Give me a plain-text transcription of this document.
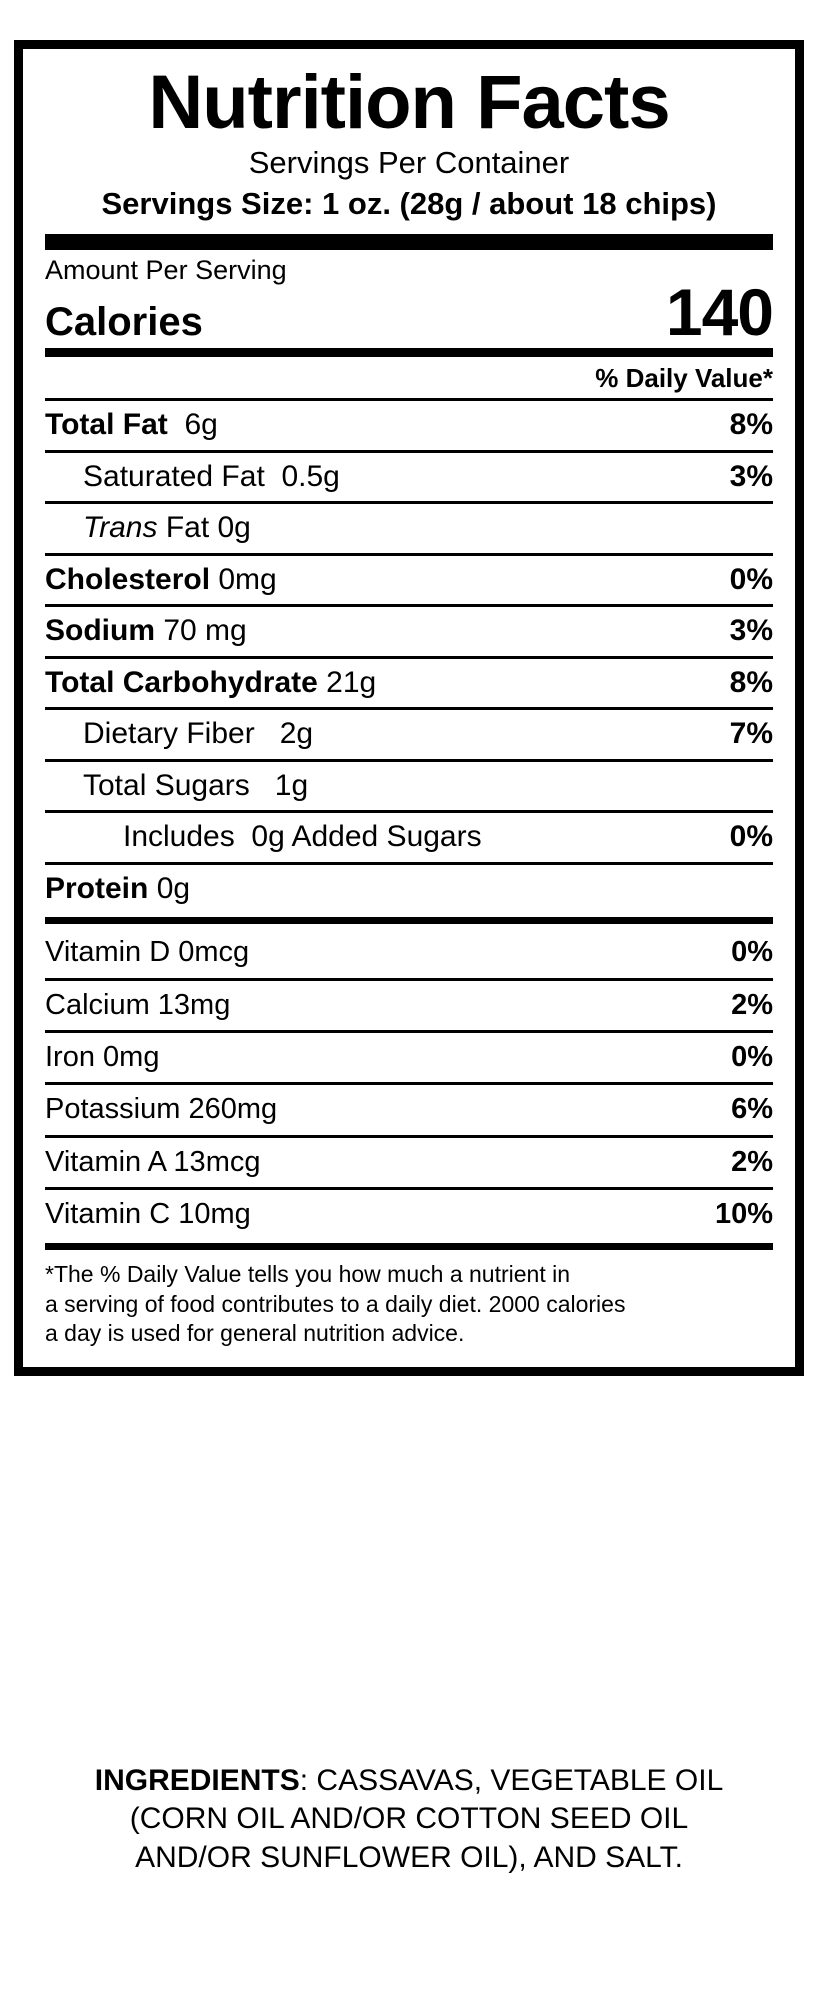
Nutrition Facts
Servings Per Container
Servings Size: 1 oz. (28g / about 18 chips)
Amount Per Serving
Calories	140
% Daily Value*
Total Fat 6g	8%
Saturated Fat 0.5g	3%
Trans Fat 0g
Cholesterol 0mg	0%
Sodium 70 mg	3%
Total Carbohydrate 21g	8%
Dietary Fiber 2g	7%
Total Sugars 1g
Includes 0g Added Sugars	0%
Protein 0g
Vitamin D 0mcg	0%
Calcium 13mg	2%
Iron 0mg	0%
Potassium 260mg	6%
Vitamin A 13mcg	2%
Vitamin C 10mg	10%
*The % Daily Value tells you how much a nutrient in
a serving of food contributes to a daily diet. 2000 calories
a day is used for general nutrition advice.
INGREDIENTS: CASSAVAS, VEGETABLE OIL
(CORN OIL AND/OR COTTON SEED OIL
AND/OR SUNFLOWER OIL), AND SALT.
